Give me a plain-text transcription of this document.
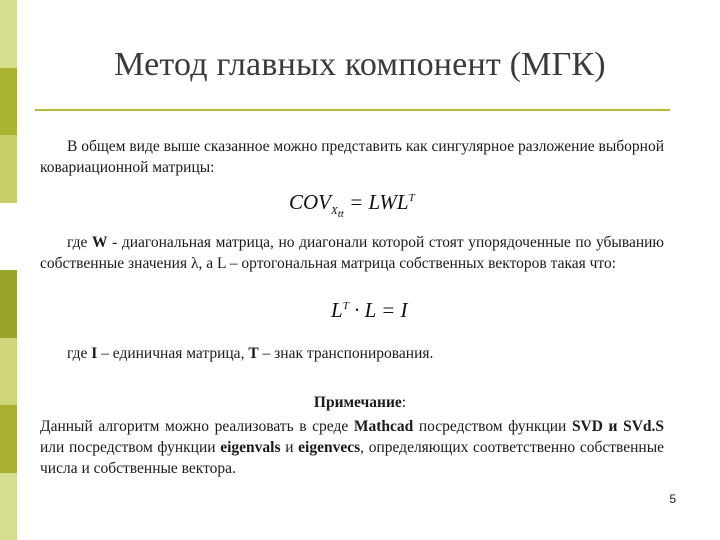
Метод главных компонент (МГК)
В общем виде выше сказанное можно представить как сингулярное разложение выборной ковариационной матрицы:
$COV_{X_{tt}} = LWL^T$
где W - диагональная матрица, но диагонали которой стоят упорядоченные по убыванию собственные значения λ, а L – ортогональная матрица собственных векторов такая что:
$L^T \cdot L = I$
где I – единичная матрица, T – знак транспонирования.
Примечание:
Данный алгоритм можно реализовать в среде Mathcad посредством функции SVD и SVd.S или посредством функции eigenvals и eigenvecs, определяющих соответственно собственные числа и собственные вектора.
5
